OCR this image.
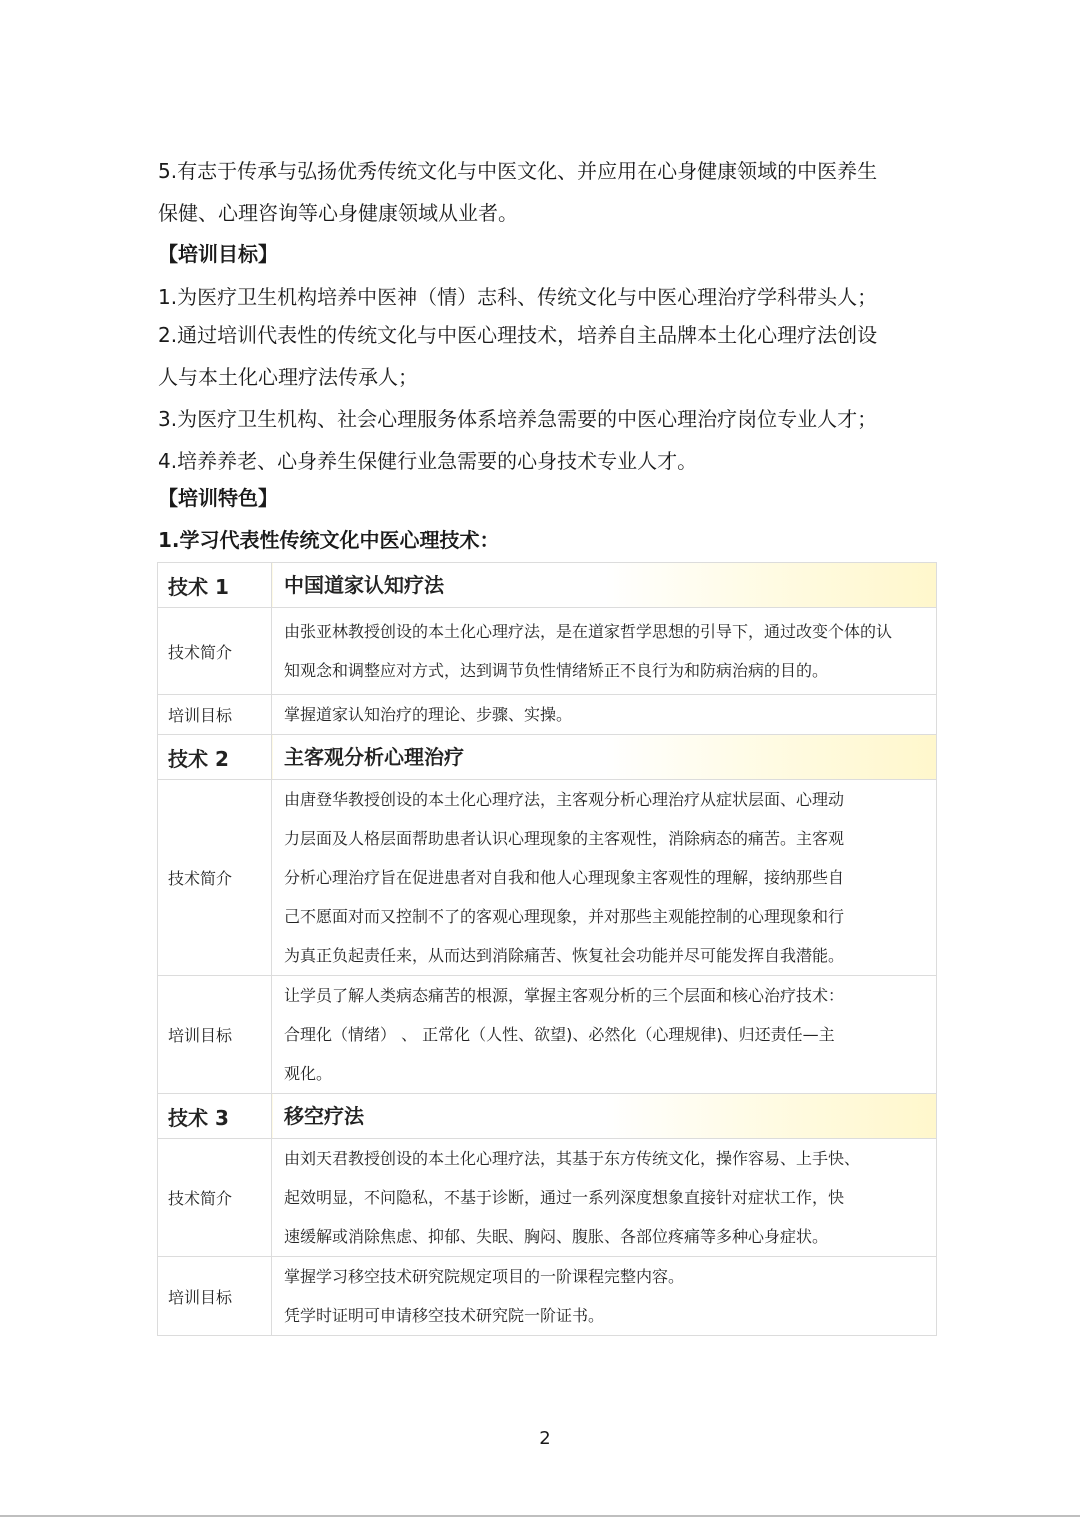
5.有志于传承与弘扬优秀传统文化与中医文化、并应用在心身健康领域的中医养生
保健、心理咨询等心身健康领域从业者。
【培训目标】
1.为医疗卫生机构培养中医神（情）志科、传统文化与中医心理治疗学科带头人；
2.通过培训代表性的传统文化与中医心理技术，培养自主品牌本土化心理疗法创设
人与本土化心理疗法传承人；
3.为医疗卫生机构、社会心理服务体系培养急需要的中医心理治疗岗位专业人才；
4.培养养老、心身养生保健行业急需要的心身技术专业人才。
【培训特色】
1.学习代表性传统文化中医心理技术：
技术 1	中国道家认知疗法
技术简介	由张亚林教授创设的本土化心理疗法，是在道家哲学思想的引导下，通过改变个体的认
知观念和调整应对方式，达到调节负性情绪矫正不良行为和防病治病的目的。

培训目标	掌握道家认知治疗的理论、步骤、实操。

技术 2	主客观分析心理治疗
技术简介	由唐登华教授创设的本土化心理疗法，主客观分析心理治疗从症状层面、心理动
力层面及人格层面帮助患者认识心理现象的主客观性，消除病态的痛苦。主客观
分析心理治疗旨在促进患者对自我和他人心理现象主客观性的理解，接纳那些自
己不愿面对而又控制不了的客观心理现象，并对那些主观能控制的心理现象和行
为真正负起责任来，从而达到消除痛苦、恢复社会功能并尽可能发挥自我潜能。

培训目标	让学员了解人类病态痛苦的根源，掌握主客观分析的三个层面和核心治疗技术：
合理化（情绪） 、 正常化（人性、欲望)、必然化（心理规律)、归还责任—主
观化。

技术 3	移空疗法
技术简介	由刘天君教授创设的本土化心理疗法，其基于东方传统文化，操作容易、上手快、
起效明显，不问隐私，不基于诊断，通过一系列深度想象直接针对症状工作，快
速缓解或消除焦虑、抑郁、失眠、胸闷、腹胀、各部位疼痛等多种心身症状。

培训目标	掌握学习移空技术研究院规定项目的一阶课程完整内容。
凭学时证明可申请移空技术研究院一阶证书。
2
